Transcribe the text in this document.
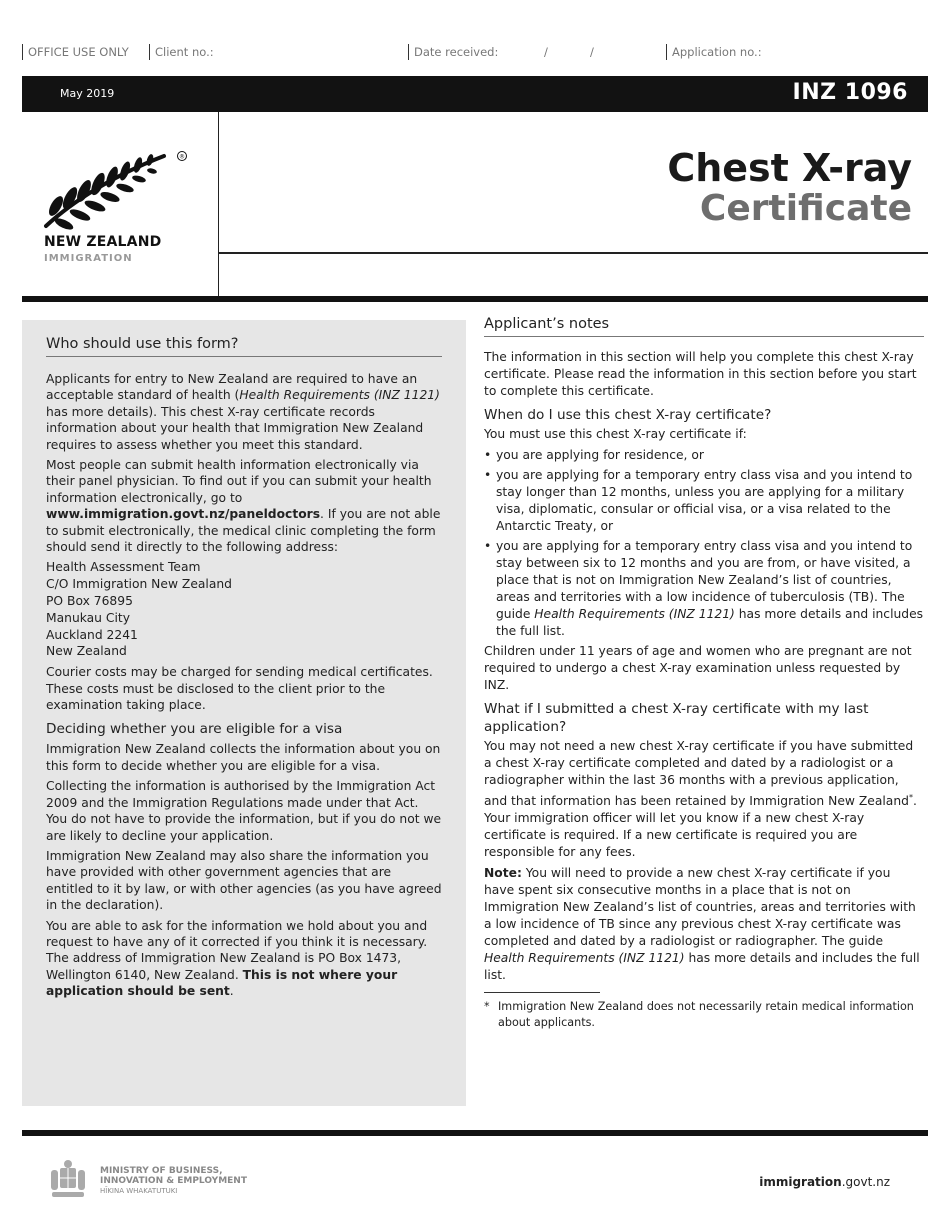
OFFICE USE ONLY	Client no.:	Date received:	/	/	Application no.:
May 2019	INZ 1096
®
NEW ZEALAND
IMMIGRATION
Chest X-ray
Certificate
Who should use this form?

Applicants for entry to New Zealand are required to have an acceptable standard of health (Health Requirements (INZ 1121) has more details). This chest X-ray certificate records information about your health that Immigration New Zealand requires to assess whether you meet this standard.

Most people can submit health information electronically via their panel physician. To find out if you can submit your health information electronically, go to www.immigration.govt.nz/paneldoctors. If you are not able to submit electronically, the medical clinic completing the form should send it directly to the following address:

Health Assessment Team
C/O Immigration New Zealand
PO Box 76895
Manukau City
Auckland 2241
New Zealand

Courier costs may be charged for sending medical certificates. These costs must be disclosed to the client prior to the examination taking place.

Deciding whether you are eligible for a visa

Immigration New Zealand collects the information about you on this form to decide whether you are eligible for a visa.

Collecting the information is authorised by the Immigration Act 2009 and the Immigration Regulations made under that Act. You do not have to provide the information, but if you do not we are likely to decline your application.

Immigration New Zealand may also share the information you have provided with other government agencies that are entitled to it by law, or with other agencies (as you have agreed in the declaration).

You are able to ask for the information we hold about you and request to have any of it corrected if you think it is necessary. The address of Immigration New Zealand is PO Box 1473, Wellington 6140, New Zealand. This is not where your application should be sent.

Applicant’s notes

The information in this section will help you complete this chest X-ray certificate. Please read the information in this section before you start to complete this certificate.

When do I use this chest X-ray certificate?

You must use this chest X-ray certificate if:

• you are applying for residence, or
• you are applying for a temporary entry class visa and you intend to stay longer than 12 months, unless you are applying for a military visa, diplomatic, consular or official visa, or a visa related to the Antarctic Treaty, or
• you are applying for a temporary entry class visa and you intend to stay between six to 12 months and you are from, or have visited, a place that is not on Immigration New Zealand’s list of countries, areas and territories with a low incidence of tuberculosis (TB). The guide Health Requirements (INZ 1121) has more details and includes the full list.

Children under 11 years of age and women who are pregnant are not required to undergo a chest X-ray examination unless requested by INZ.

What if I submitted a chest X-ray certificate with my last application?

You may not need a new chest X-ray certificate if you have submitted a chest X-ray certificate completed and dated by a radiologist or a radiographer within the last 36 months with a previous application, and that information has been retained by Immigration New Zealand*. Your immigration officer will let you know if a new chest X-ray certificate is required. If a new certificate is required you are responsible for any fees.

Note: You will need to provide a new chest X-ray certificate if you have spent six consecutive months in a place that is not on Immigration New Zealand’s list of countries, areas and territories with a low incidence of TB since any previous chest X-ray certificate was completed and dated by a radiologist or radiographer. The guide Health Requirements (INZ 1121) has more details and includes the full list.

* Immigration New Zealand does not necessarily retain medical information about applicants.
MINISTRY OF BUSINESS,
INNOVATION & EMPLOYMENT
HĪKINA WHAKATUTUKI
immigration.govt.nz
